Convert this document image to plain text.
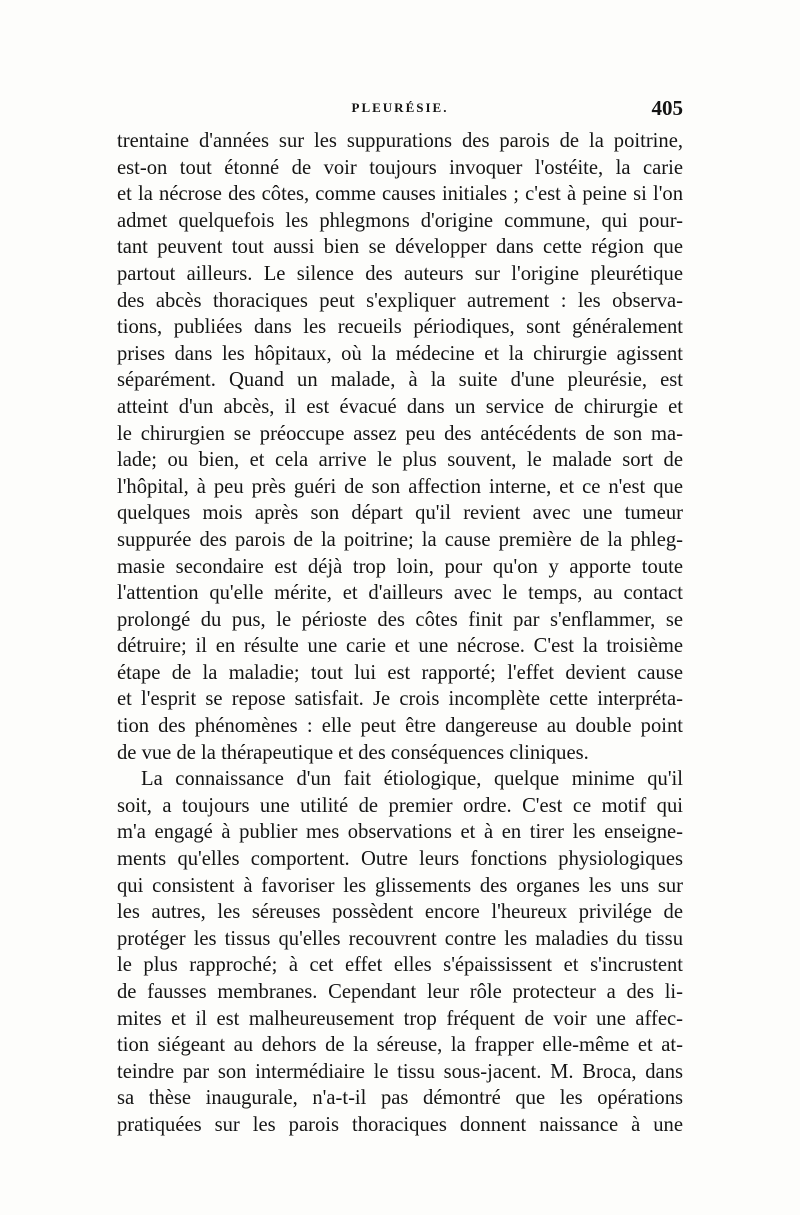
PLEURÉSIE.	405
trentaine d'années sur les suppurations des parois de la poitrine,
est-on tout étonné de voir toujours invoquer l'ostéite, la carie
et la nécrose des côtes, comme causes initiales ; c'est à peine si l'on
admet quelquefois les phlegmons d'origine commune, qui pour-
tant peuvent tout aussi bien se développer dans cette région que
partout ailleurs. Le silence des auteurs sur l'origine pleurétique
des abcès thoraciques peut s'expliquer autrement : les observa-
tions, publiées dans les recueils périodiques, sont généralement
prises dans les hôpitaux, où la médecine et la chirurgie agissent
séparément. Quand un malade, à la suite d'une pleurésie, est
atteint d'un abcès, il est évacué dans un service de chirurgie et
le chirurgien se préoccupe assez peu des antécédents de son ma-
lade; ou bien, et cela arrive le plus souvent, le malade sort de
l'hôpital, à peu près guéri de son affection interne, et ce n'est que
quelques mois après son départ qu'il revient avec une tumeur
suppurée des parois de la poitrine; la cause première de la phleg-
masie secondaire est déjà trop loin, pour qu'on y apporte toute
l'attention qu'elle mérite, et d'ailleurs avec le temps, au contact
prolongé du pus, le périoste des côtes finit par s'enflammer, se
détruire; il en résulte une carie et une nécrose. C'est la troisième
étape de la maladie; tout lui est rapporté; l'effet devient cause
et l'esprit se repose satisfait. Je crois incomplète cette interpréta-
tion des phénomènes : elle peut être dangereuse au double point
de vue de la thérapeutique et des conséquences cliniques.
La connaissance d'un fait étiologique, quelque minime qu'il
soit, a toujours une utilité de premier ordre. C'est ce motif qui
m'a engagé à publier mes observations et à en tirer les enseigne-
ments qu'elles comportent. Outre leurs fonctions physiologiques
qui consistent à favoriser les glissements des organes les uns sur
les autres, les séreuses possèdent encore l'heureux privilége de
protéger les tissus qu'elles recouvrent contre les maladies du tissu
le plus rapproché; à cet effet elles s'épaississent et s'incrustent
de fausses membranes. Cependant leur rôle protecteur a des li-
mites et il est malheureusement trop fréquent de voir une affec-
tion siégeant au dehors de la séreuse, la frapper elle-même et at-
teindre par son intermédiaire le tissu sous-jacent. M. Broca, dans
sa thèse inaugurale, n'a-t-il pas démontré que les opérations
pratiquées sur les parois thoraciques donnent naissance à une
